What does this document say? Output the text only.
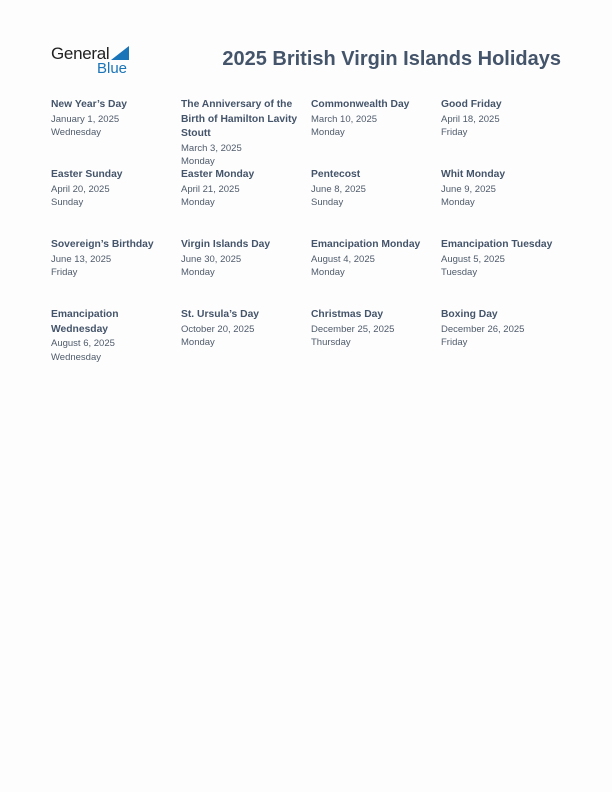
General
Blue	2025 British Virgin Islands Holidays
New Year’s Day
January 1, 2025
Wednesday
The Anniversary of the Birth of Hamilton Lavity Stoutt
March 3, 2025
Monday
Commonwealth Day
March 10, 2025
Monday
Good Friday
April 18, 2025
Friday
Easter Sunday
April 20, 2025
Sunday
Easter Monday
April 21, 2025
Monday
Pentecost
June 8, 2025
Sunday
Whit Monday
June 9, 2025
Monday
Sovereign’s Birthday
June 13, 2025
Friday
Virgin Islands Day
June 30, 2025
Monday
Emancipation Monday
August 4, 2025
Monday
Emancipation Tuesday
August 5, 2025
Tuesday
Emancipation Wednesday
August 6, 2025
Wednesday
St. Ursula’s Day
October 20, 2025
Monday
Christmas Day
December 25, 2025
Thursday
Boxing Day
December 26, 2025
Friday
